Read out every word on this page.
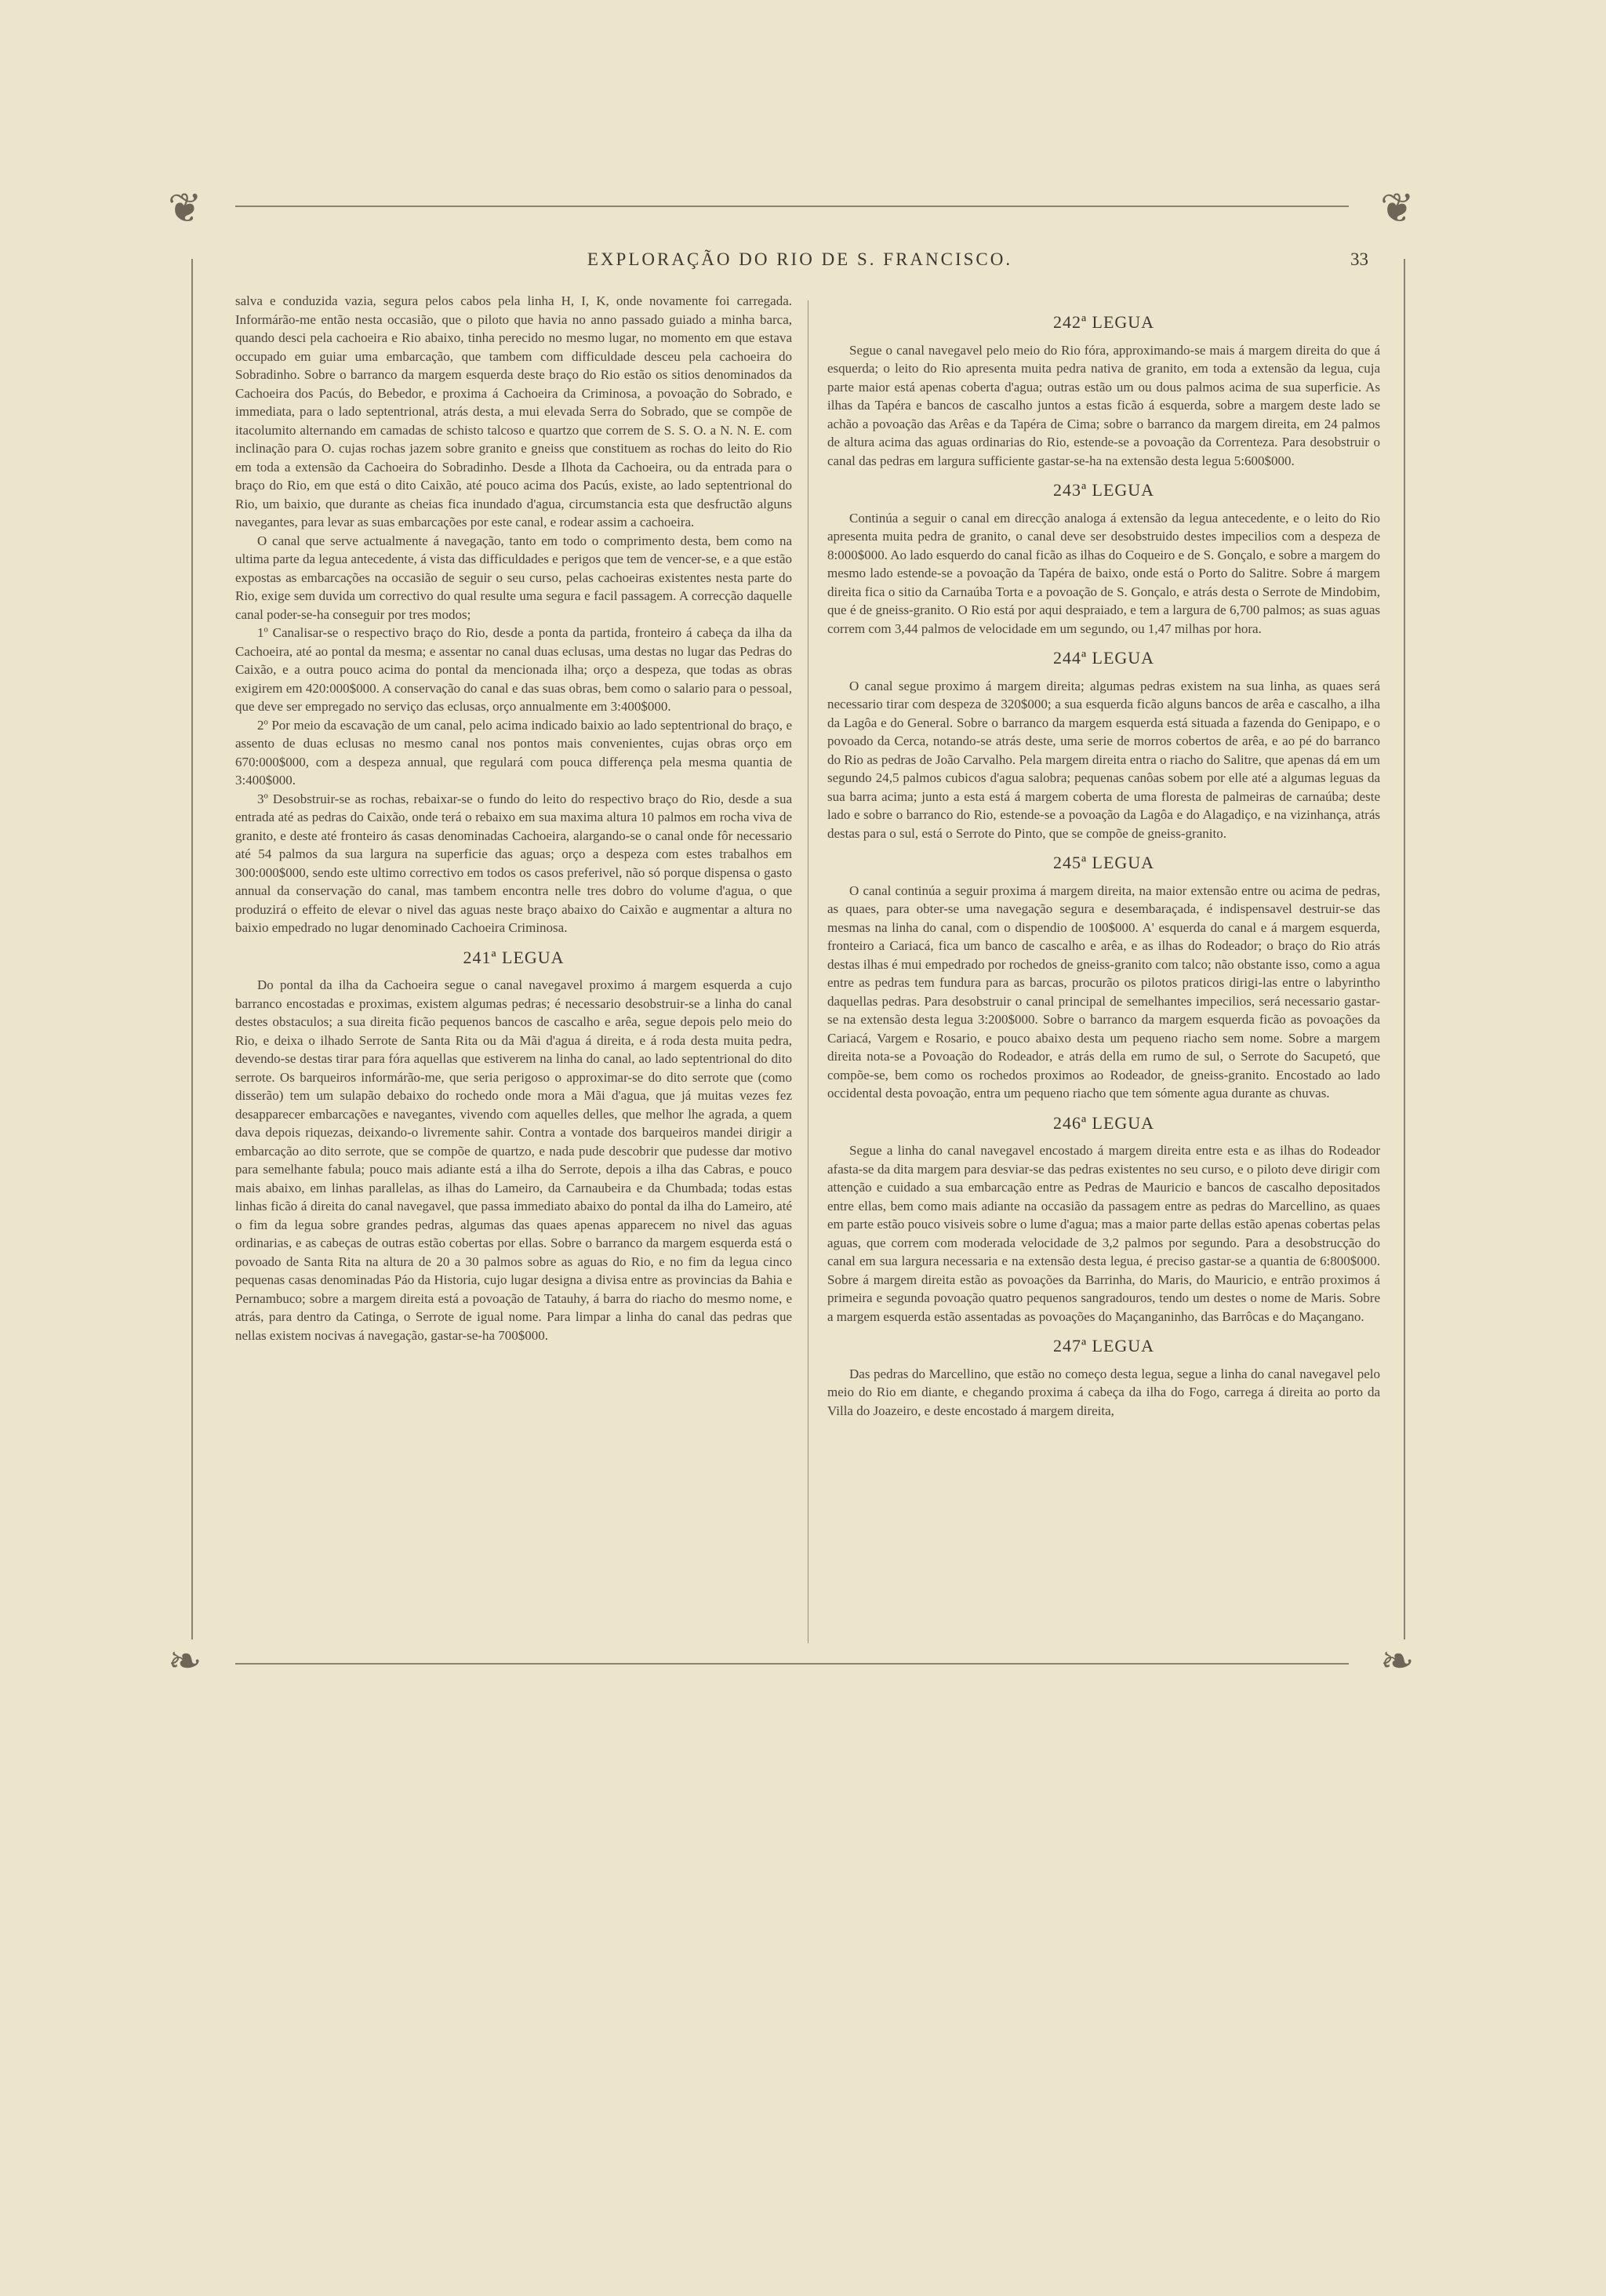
❦	❦
❧	❧
EXPLORAÇÃO DO RIO DE S. FRANCISCO.	33

salva e conduzida vazia, segura pelos cabos pela linha H, I, K, onde novamente foi carregada. Informárão-me então nesta occasião, que o piloto que havia no anno passado guiado a minha barca, quando desci pela cachoeira e Rio abaixo, tinha perecido no mesmo lugar, no momento em que estava occupado em guiar uma embarcação, que tambem com difficuldade desceu pela cachoeira do Sobradinho. Sobre o barranco da margem esquerda deste braço do Rio estão os sitios denominados da Cachoeira dos Pacús, do Bebedor, e proxima á Cachoeira da Criminosa, a povoação do Sobrado, e immediata, para o lado septentrional, atrás desta, a mui elevada Serra do Sobrado, que se compõe de itacolumito alternando em camadas de schisto talcoso e quartzo que correm de S. S. O. a N. N. E. com inclinação para O. cujas rochas jazem sobre granito e gneiss que constituem as rochas do leito do Rio em toda a extensão da Cachoeira do Sobradinho. Desde a Ilhota da Cachoeira, ou da entrada para o braço do Rio, em que está o dito Caixão, até pouco acima dos Pacús, existe, ao lado septentrional do Rio, um baixio, que durante as cheias fica inundado d'agua, circumstancia esta que desfructão alguns navegantes, para levar as suas embarcações por este canal, e rodear assim a cachoeira.

O canal que serve actualmente á navegação, tanto em todo o comprimento desta, bem como na ultima parte da legua antecedente, á vista das difficuldades e perigos que tem de vencer-se, e a que estão expostas as embarcações na occasião de seguir o seu curso, pelas cachoeiras existentes nesta parte do Rio, exige sem duvida um correctivo do qual resulte uma segura e facil passagem. A correcção daquelle canal poder-se-ha conseguir por tres modos;

1º Canalisar-se o respectivo braço do Rio, desde a ponta da partida, fronteiro á cabeça da ilha da Cachoeira, até ao pontal da mesma; e assentar no canal duas eclusas, uma destas no lugar das Pedras do Caixão, e a outra pouco acima do pontal da mencionada ilha; orço a despeza, que todas as obras exigirem em 420:000$000. A conservação do canal e das suas obras, bem como o salario para o pessoal, que deve ser empregado no serviço das eclusas, orço annualmente em 3:400$000.

2º Por meio da escavação de um canal, pelo acima indicado baixio ao lado septentrional do braço, e assento de duas eclusas no mesmo canal nos pontos mais convenientes, cujas obras orço em 670:000$000, com a despeza annual, que regulará com pouca differença pela mesma quantia de 3:400$000.

3º Desobstruir-se as rochas, rebaixar-se o fundo do leito do respectivo braço do Rio, desde a sua entrada até as pedras do Caixão, onde terá o rebaixo em sua maxima altura 10 palmos em rocha viva de granito, e deste até fronteiro ás casas denominadas Cachoeira, alargando-se o canal onde fôr necessario até 54 palmos da sua largura na superficie das aguas; orço a despeza com estes trabalhos em 300:000$000, sendo este ultimo correctivo em todos os casos preferivel, não só porque dispensa o gasto annual da conservação do canal, mas tambem encontra nelle tres dobro do volume d'agua, o que produzirá o effeito de elevar o nivel das aguas neste braço abaixo do Caixão e augmentar a altura no baixio empedrado no lugar denominado Cachoeira Criminosa.

241ª LEGUA

Do pontal da ilha da Cachoeira segue o canal navegavel proximo á margem esquerda a cujo barranco encostadas e proximas, existem algumas pedras; é necessario desobstruir-se a linha do canal destes obstaculos; a sua direita ficão pequenos bancos de cascalho e arêa, segue depois pelo meio do Rio, e deixa o ilhado Serrote de Santa Rita ou da Mãi d'agua á direita, e á roda desta muita pedra, devendo-se destas tirar para fóra aquellas que estiverem na linha do canal, ao lado septentrional do dito serrote. Os barqueiros informárão-me, que seria perigoso o approximar-se do dito serrote que (como disserão) tem um sulapão debaixo do rochedo onde mora a Mãi d'agua, que já muitas vezes fez desapparecer embarcações e navegantes, vivendo com aquelles delles, que melhor lhe agrada, a quem dava depois riquezas, deixando-o livremente sahir. Contra a vontade dos barqueiros mandei dirigir a embarcação ao dito serrote, que se compõe de quartzo, e nada pude descobrir que pudesse dar motivo para semelhante fabula; pouco mais adiante está a ilha do Serrote, depois a ilha das Cabras, e pouco mais abaixo, em linhas parallelas, as ilhas do Lameiro, da Carnaubeira e da Chumbada; todas estas linhas ficão á direita do canal navegavel, que passa immediato abaixo do pontal da ilha do Lameiro, até o fim da legua sobre grandes pedras, algumas das quaes apenas apparecem no nivel das aguas ordinarias, e as cabeças de outras estão cobertas por ellas. Sobre o barranco da margem esquerda está o povoado de Santa Rita na altura de 20 a 30 palmos sobre as aguas do Rio, e no fim da legua cinco pequenas casas denominadas Páo da Historia, cujo lugar designa a divisa entre as provincias da Bahia e Pernambuco; sobre a margem direita está a povoação de Tatauhy, á barra do riacho do mesmo nome, e atrás, para dentro da Catinga, o Serrote de igual nome. Para limpar a linha do canal das pedras que nellas existem nocivas á navegação, gastar-se-ha 700$000.

242ª LEGUA

Segue o canal navegavel pelo meio do Rio fóra, approximando-se mais á margem direita do que á esquerda; o leito do Rio apresenta muita pedra nativa de granito, em toda a extensão da legua, cuja parte maior está apenas coberta d'agua; outras estão um ou dous palmos acima de sua superficie. As ilhas da Tapéra e bancos de cascalho juntos a estas ficão á esquerda, sobre a margem deste lado se achão a povoação das Arêas e da Tapéra de Cima; sobre o barranco da margem direita, em 24 palmos de altura acima das aguas ordinarias do Rio, estende-se a povoação da Correnteza. Para desobstruir o canal das pedras em largura sufficiente gastar-se-ha na extensão desta legua 5:600$000.

243ª LEGUA

Continúa a seguir o canal em direcção analoga á extensão da legua antecedente, e o leito do Rio apresenta muita pedra de granito, o canal deve ser desobstruido destes impecilios com a despeza de 8:000$000. Ao lado esquerdo do canal ficão as ilhas do Coqueiro e de S. Gonçalo, e sobre a margem do mesmo lado estende-se a povoação da Tapéra de baixo, onde está o Porto do Salitre. Sobre á margem direita fica o sitio da Carnaúba Torta e a povoação de S. Gonçalo, e atrás desta o Serrote de Mindobim, que é de gneiss-granito. O Rio está por aqui despraiado, e tem a largura de 6,700 palmos; as suas aguas correm com 3,44 palmos de velocidade em um segundo, ou 1,47 milhas por hora.

244ª LEGUA

O canal segue proximo á margem direita; algumas pedras existem na sua linha, as quaes será necessario tirar com despeza de 320$000; a sua esquerda ficão alguns bancos de arêa e cascalho, a ilha da Lagôa e do General. Sobre o barranco da margem esquerda está situada a fazenda do Genipapo, e o povoado da Cerca, notando-se atrás deste, uma serie de morros cobertos de arêa, e ao pé do barranco do Rio as pedras de João Carvalho. Pela margem direita entra o riacho do Salitre, que apenas dá em um segundo 24,5 palmos cubicos d'agua salobra; pequenas canôas sobem por elle até a algumas leguas da sua barra acima; junto a esta está á margem coberta de uma floresta de palmeiras de carnaúba; deste lado e sobre o barranco do Rio, estende-se a povoação da Lagôa e do Alagadiço, e na vizinhança, atrás destas para o sul, está o Serrote do Pinto, que se compõe de gneiss-granito.

245ª LEGUA

O canal continúa a seguir proxima á margem direita, na maior extensão entre ou acima de pedras, as quaes, para obter-se uma navegação segura e desembaraçada, é indispensavel destruir-se das mesmas na linha do canal, com o dispendio de 100$000. A' esquerda do canal e á margem esquerda, fronteiro a Cariacá, fica um banco de cascalho e arêa, e as ilhas do Rodeador; o braço do Rio atrás destas ilhas é mui empedrado por rochedos de gneiss-granito com talco; não obstante isso, como a agua entre as pedras tem fundura para as barcas, procurão os pilotos praticos dirigi-las entre o labyrintho daquellas pedras. Para desobstruir o canal principal de semelhantes impecilios, será necessario gastar-se na extensão desta legua 3:200$000. Sobre o barranco da margem esquerda ficão as povoações da Cariacá, Vargem e Rosario, e pouco abaixo desta um pequeno riacho sem nome. Sobre a margem direita nota-se a Povoação do Rodeador, e atrás della em rumo de sul, o Serrote do Sacupetó, que compõe-se, bem como os rochedos proximos ao Rodeador, de gneiss-granito. Encostado ao lado occidental desta povoação, entra um pequeno riacho que tem sómente agua durante as chuvas.

246ª LEGUA

Segue a linha do canal navegavel encostado á margem direita entre esta e as ilhas do Rodeador afasta-se da dita margem para desviar-se das pedras existentes no seu curso, e o piloto deve dirigir com attenção e cuidado a sua embarcação entre as Pedras de Mauricio e bancos de cascalho depositados entre ellas, bem como mais adiante na occasião da passagem entre as pedras do Marcellino, as quaes em parte estão pouco visiveis sobre o lume d'agua; mas a maior parte dellas estão apenas cobertas pelas aguas, que correm com moderada velocidade de 3,2 palmos por segundo. Para a desobstrucção do canal em sua largura necessaria e na extensão desta legua, é preciso gastar-se a quantia de 6:800$000. Sobre á margem direita estão as povoações da Barrinha, do Maris, do Mauricio, e entrão proximos á primeira e segunda povoação quatro pequenos sangradouros, tendo um destes o nome de Maris. Sobre a margem esquerda estão assentadas as povoações do Maçanganinho, das Barrôcas e do Maçangano.

247ª LEGUA

Das pedras do Marcellino, que estão no começo desta legua, segue a linha do canal navegavel pelo meio do Rio em diante, e chegando proxima á cabeça da ilha do Fogo, carrega á direita ao porto da Villa do Joazeiro, e deste encostado á margem direita,
